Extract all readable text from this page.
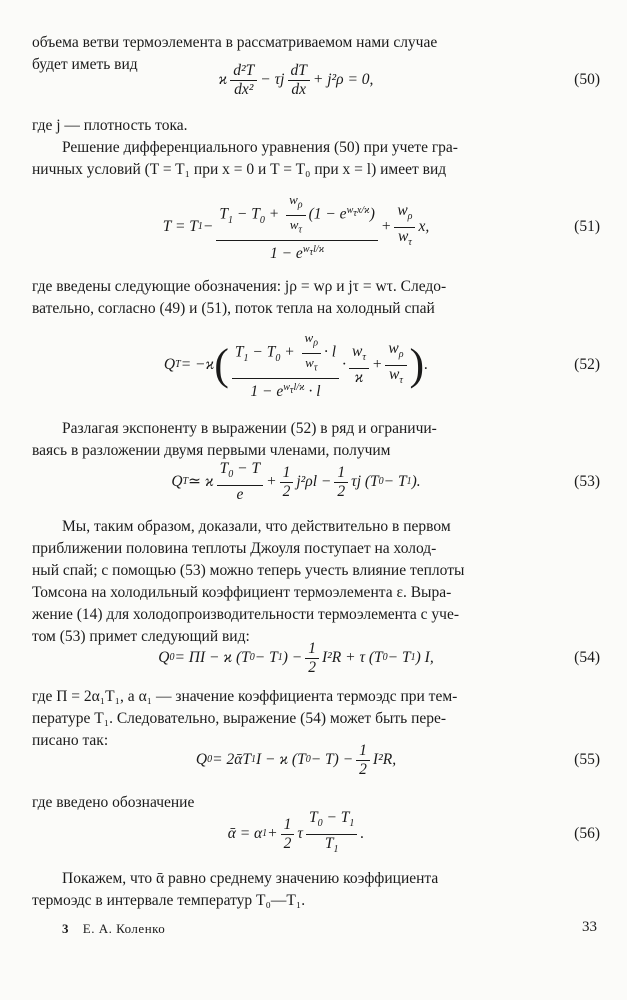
объема ветви термоэлемента в рассматриваемом нами случае
будет иметь вид
ϰ $\frac{\text{d²T}}{\text{dx²}} - \tau j \frac{dT}{dx} + j^2\rho = 0$,	(50)
где j — плотность тока.
Решение дифференциального уравнения (50) при учете гра-
ничных условий (T = T₁ при x = 0 и T = T₀ при x = l) имеет вид
T = T $1 - \frac{T_1 - T_0 + \frac{w_\rho}{w_\tau} (1 - e^{w_\tau x/ϰ})}{1 - e^{w_\tau l/ϰ}} + \frac{w_\rho}{w_\tau} x$,	(51)
где введены следующие обозначения: jρ = wρ и jτ = wτ. Следо-
вательно, согласно (49) и (51), поток тепла на холодный спай
Q T = −ϰ ( $\frac{T_1 - T_0 + \frac{w_\rho}{w_\tau} \cdot l}{1 - e^{w_\tau l/ϰ} \cdot l} \cdot \frac{w_\tau}{ϰ} + \frac{w_\rho}{w_\tau}$ ) .	(52)
Разлагая экспоненту в выражении (52) в ряд и ограничи-
ваясь в разложении двумя первыми членами, получим
Q T ≃ ϰ $\frac{T_0 - T}{e} + \frac{1}{2} j^2\rho l - \frac{1}{2}$ τj (T 0 − T 1 ).	(53)
Мы, таким образом, доказали, что действительно в первом
приближении половина теплоты Джоуля поступает на холод-
ный спай; с помощью (53) можно теперь учесть влияние теплоты
Томсона на холодильный коэффициент термоэлемента ε. Выра-
жение (14) для холодопроизводительности термоэлемента с уче-
том (53) примет следующий вид:
Q 0 = ΠI − ϰ (T 0 − T 1 ) − $\frac{1}{2} I^2R + \tau$ (T 0 − T 1 ) I,	(54)
где Π = 2α₁T₁, а α₁ — значение коэффициента термоэдс при тем-
пературе T₁. Следовательно, выражение (54) может быть пере-
писано так:
Q 0 = 2ᾱT 1 I − ϰ (T $0 - T) - \frac{1}{2} I^2R$,	(55)
где введено обозначение
ᾱ = α $1 + \frac{1}{2}$ τ $\frac{T_0 - T_1}{T_1}$ .	(56)
Покажем, что ᾱ равно среднему значению коэффициента
термоэдс в интервале температур T₀—T₁.
3 Е. А. Коленко	33
